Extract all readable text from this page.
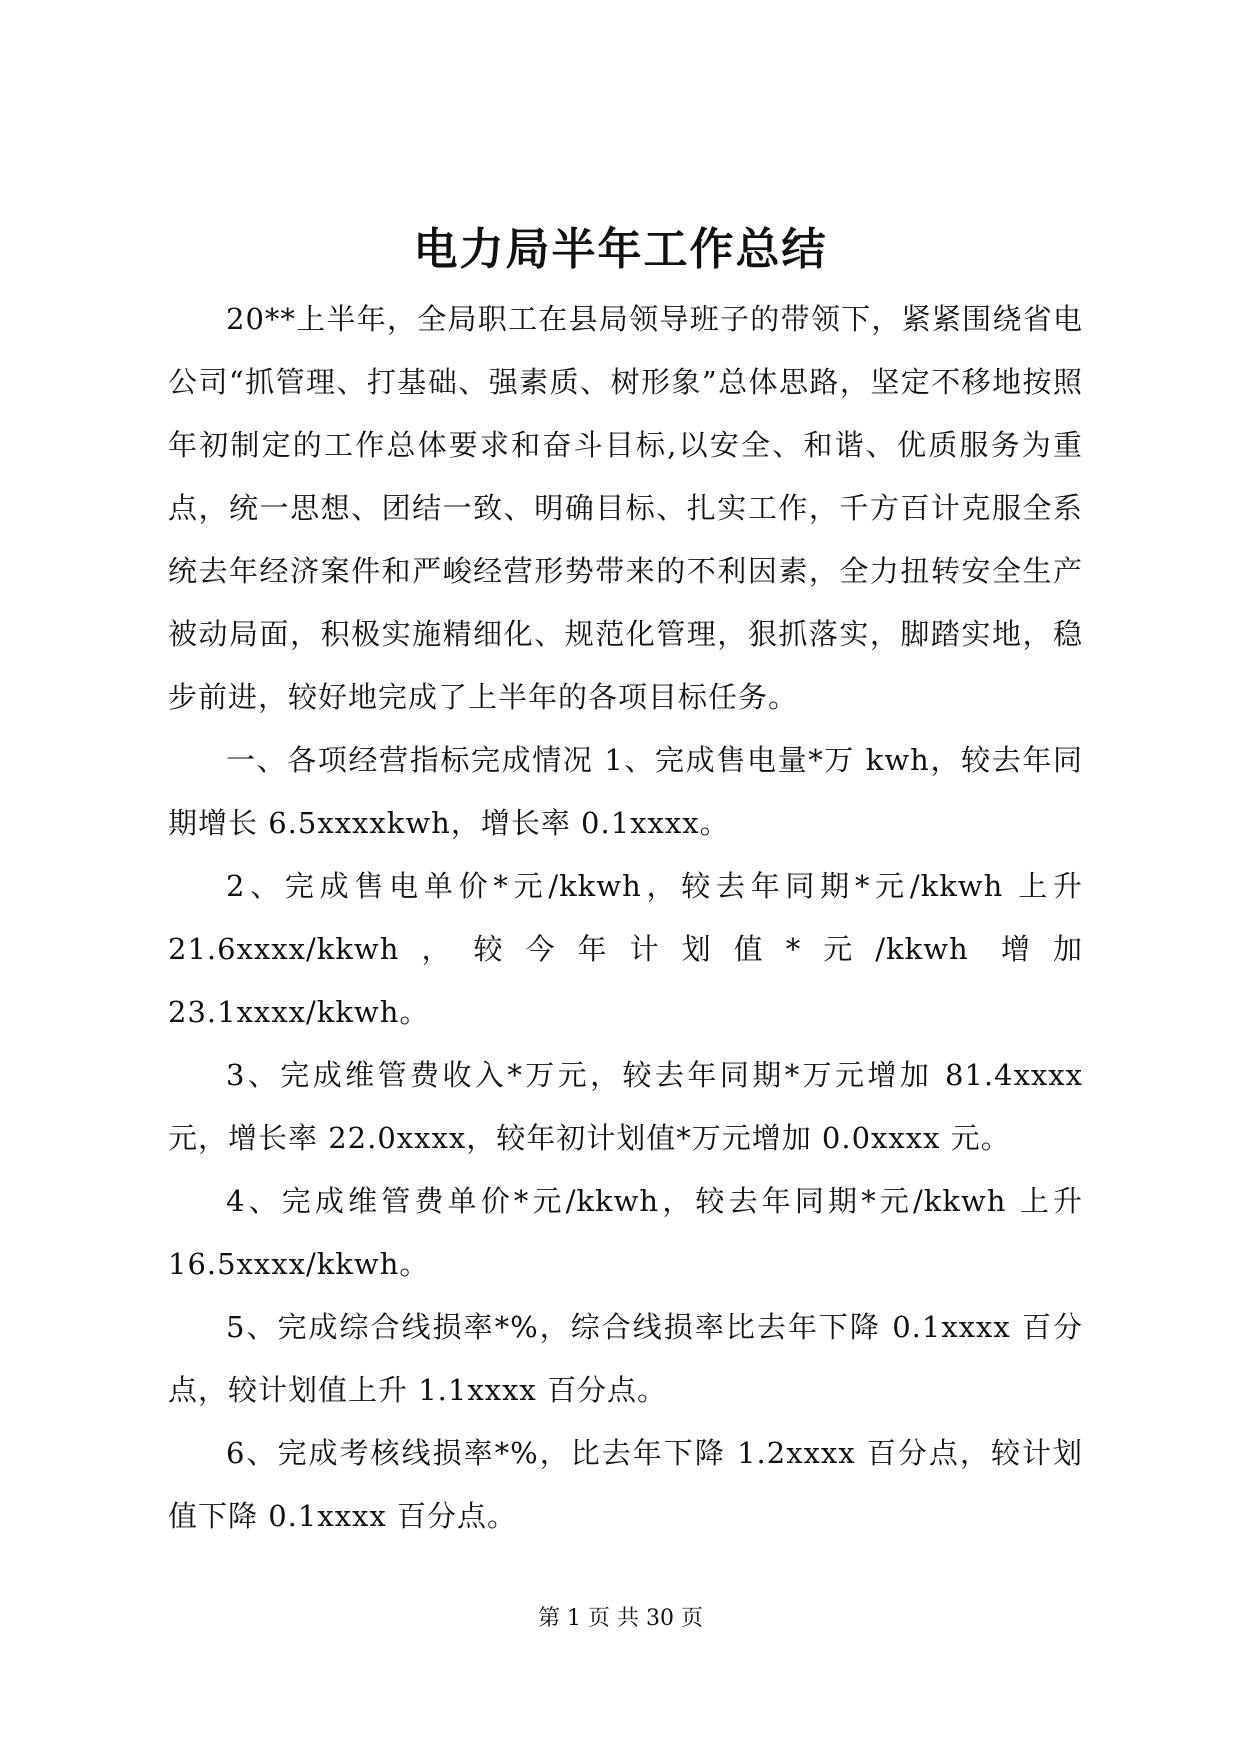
电力局半年工作总结

20**上半年，全局职工在县局领导班子的带领下，紧紧围绕省电公司“抓管理、打基础、强素质、树形象”总体思路，坚定不移地按照年初制定的工作总体要求和奋斗目标,以安全、和谐、优质服务为重点，统一思想、团结一致、明确目标、扎实工作，千方百计克服全系统去年经济案件和严峻经营形势带来的不利因素，全力扭转安全生产被动局面，积极实施精细化、规范化管理，狠抓落实，脚踏实地，稳步前进，较好地完成了上半年的各项目标任务。

一、各项经营指标完成情况 1、完成售电量*万 kwh，较去年同期增长 6.5xxxxkwh，增长率 0.1xxxx。

2、完成售电单价*元/kkwh，较去年同期*元/kkwh 上升 21.6xxxx/kkwh，较今年计划值*元/kkwh 增加 23.1xxxx/kkwh。

3、完成维管费收入*万元，较去年同期*万元增加 81.4xxxx 元，增长率 22.0xxxx，较年初计划值*万元增加 0.0xxxx 元。

4、完成维管费单价*元/kkwh，较去年同期*元/kkwh 上升 16.5xxxx/kkwh。

5、完成综合线损率*%，综合线损率比去年下降 0.1xxxx 百分点，较计划值上升 1.1xxxx 百分点。

6、完成考核线损率*%，比去年下降 1.2xxxx 百分点，较计划值下降 0.1xxxx 百分点。

第 1 页 共 30 页
